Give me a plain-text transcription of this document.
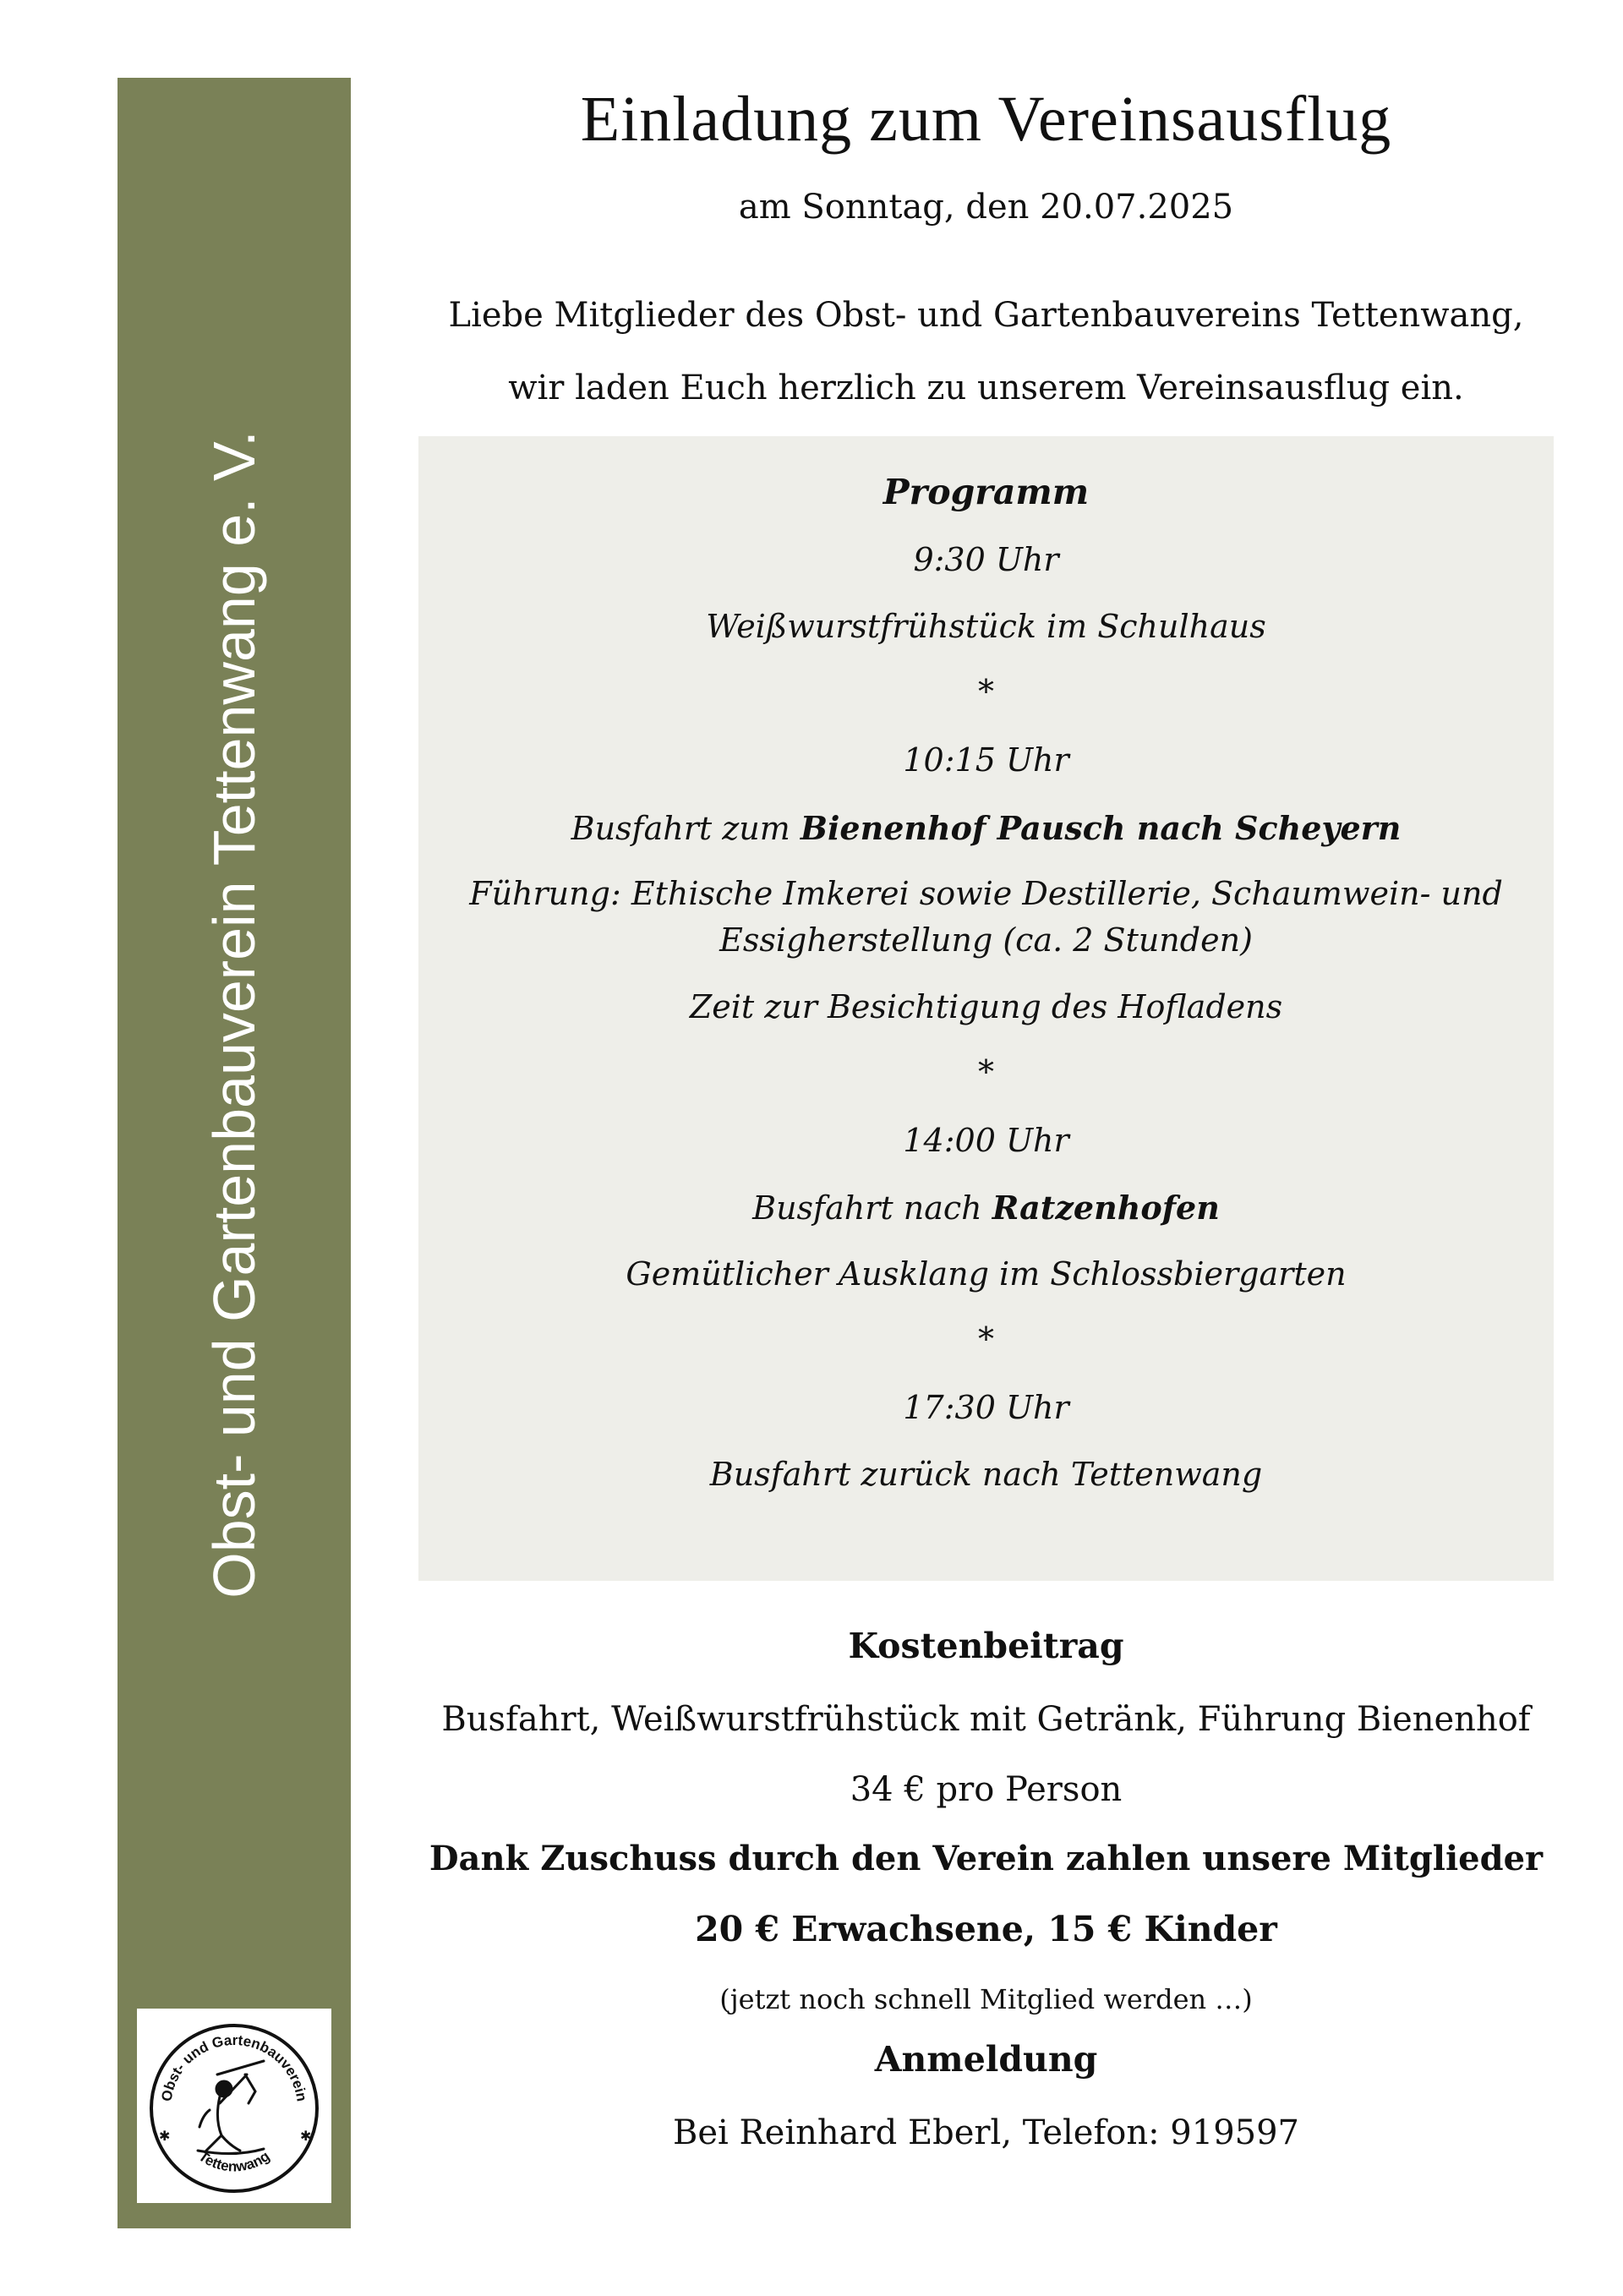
Obst- und Gartenbauverein Tettenwang e. V.
Obst- und Gartenbauverein
Tettenwang
✱	✱
Einladung zum Vereinsausflug
am Sonntag, den 20.07.2025
Liebe Mitglieder des Obst- und Gartenbauvereins Tettenwang,
wir laden Euch herzlich zu unserem Vereinsausflug ein.
Programm
9:30 Uhr
Weißwurstfrühstück im Schulhaus
*
10:15 Uhr
Busfahrt zum Bienenhof Pausch nach Scheyern
Führung: Ethische Imkerei sowie Destillerie, Schaumwein- und
Essigherstellung (ca. 2 Stunden)
Zeit zur Besichtigung des Hofladens
*
14:00 Uhr
Busfahrt nach Ratzenhofen
Gemütlicher Ausklang im Schlossbiergarten
*
17:30 Uhr
Busfahrt zurück nach Tettenwang
Kostenbeitrag
Busfahrt, Weißwurstfrühstück mit Getränk, Führung Bienenhof
34 € pro Person
Dank Zuschuss durch den Verein zahlen unsere Mitglieder
20 € Erwachsene, 15 € Kinder
(jetzt noch schnell Mitglied werden …)
Anmeldung
Bei Reinhard Eberl, Telefon: 919597
